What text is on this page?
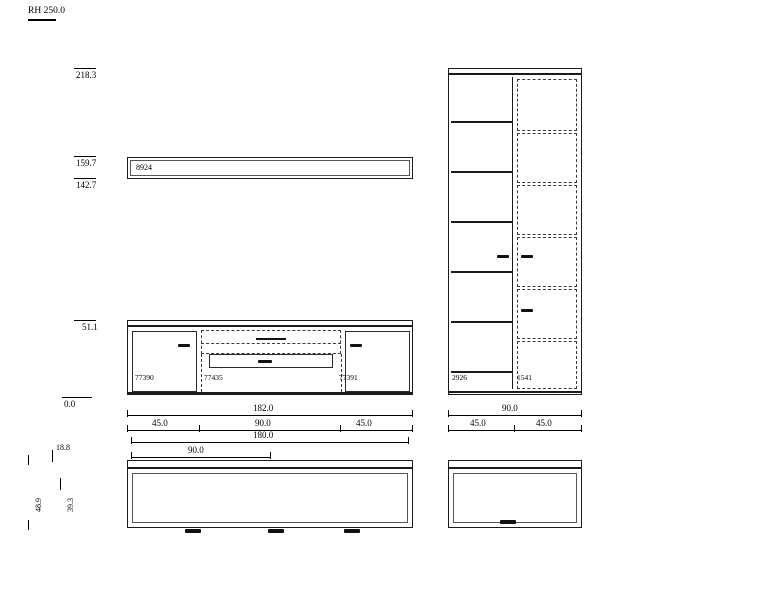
RH 250.0
218.3
159.7
142.7
51.1
0.0
18.8
48.9	39.3
8924
77390	77435	77391
182.0
45.0	90.0	45.0
180.0
90.0
2926	1541
90.0
45.0	45.0
